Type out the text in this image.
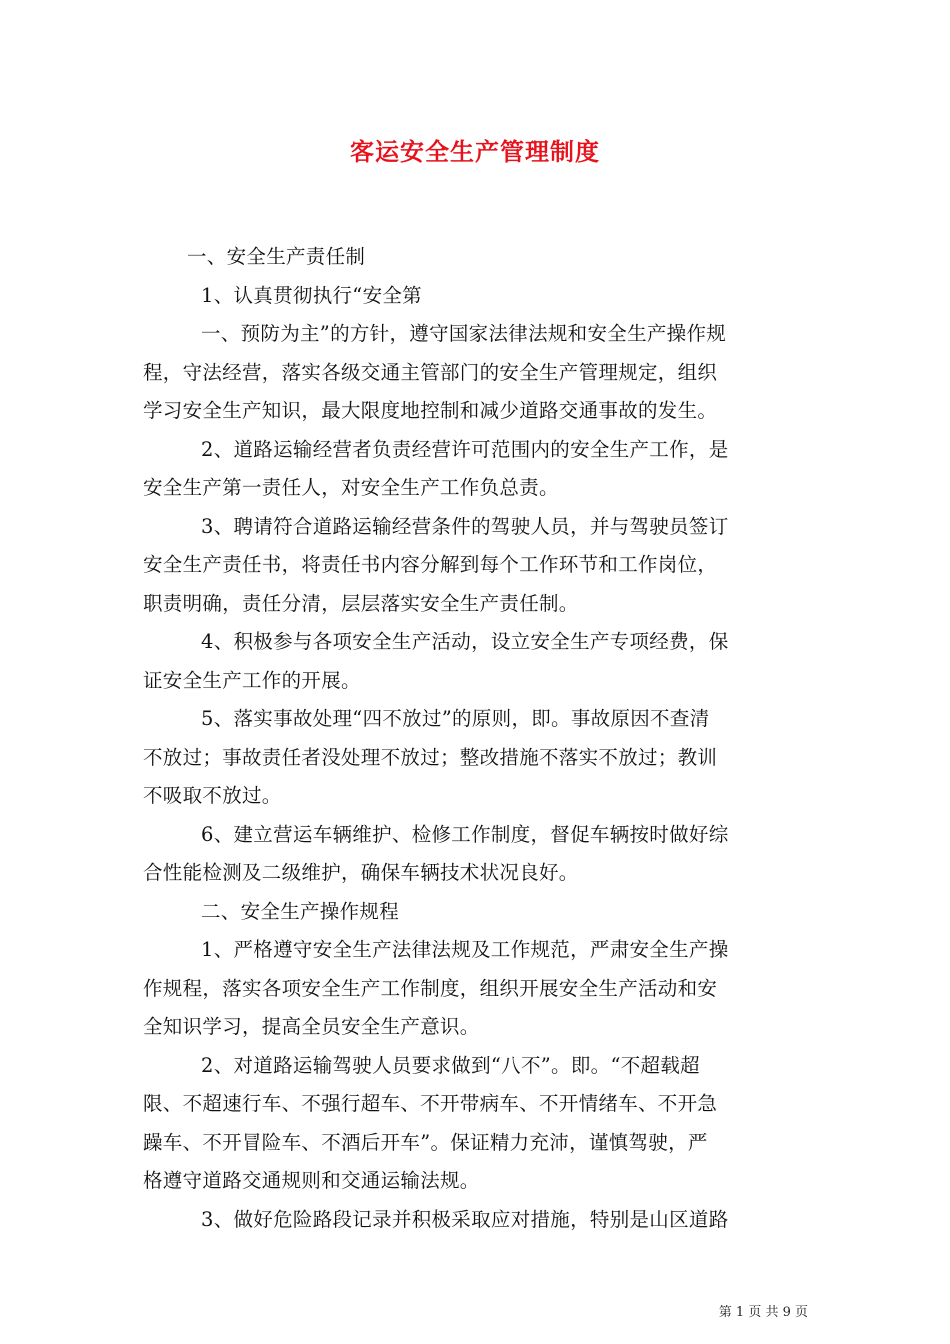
客运安全生产管理制度
一、安全生产责任制
1、认真贯彻执行“安全第
一、预防为主”的方针，遵守国家法律法规和安全生产操作规
程，守法经营，落实各级交通主管部门的安全生产管理规定，组织
学习安全生产知识，最大限度地控制和减少道路交通事故的发生。
2、道路运输经营者负责经营许可范围内的安全生产工作，是
安全生产第一责任人，对安全生产工作负总责。
3、聘请符合道路运输经营条件的驾驶人员，并与驾驶员签订
安全生产责任书，将责任书内容分解到每个工作环节和工作岗位，
职责明确，责任分清，层层落实安全生产责任制。
4、积极参与各项安全生产活动，设立安全生产专项经费，保
证安全生产工作的开展。
5、落实事故处理“四不放过”的原则，即。事故原因不查清
不放过；事故责任者没处理不放过；整改措施不落实不放过；教训
不吸取不放过。
6、建立营运车辆维护、检修工作制度，督促车辆按时做好综
合性能检测及二级维护，确保车辆技术状况良好。
二、安全生产操作规程
1、严格遵守安全生产法律法规及工作规范，严肃安全生产操
作规程，落实各项安全生产工作制度，组织开展安全生产活动和安
全知识学习，提高全员安全生产意识。
2、对道路运输驾驶人员要求做到“八不”。即。“不超载超
限、不超速行车、不强行超车、不开带病车、不开情绪车、不开急
躁车、不开冒险车、不酒后开车”。保证精力充沛，谨慎驾驶，严
格遵守道路交通规则和交通运输法规。
3、做好危险路段记录并积极采取应对措施，特别是山区道路
第 1 页 共 9 页
